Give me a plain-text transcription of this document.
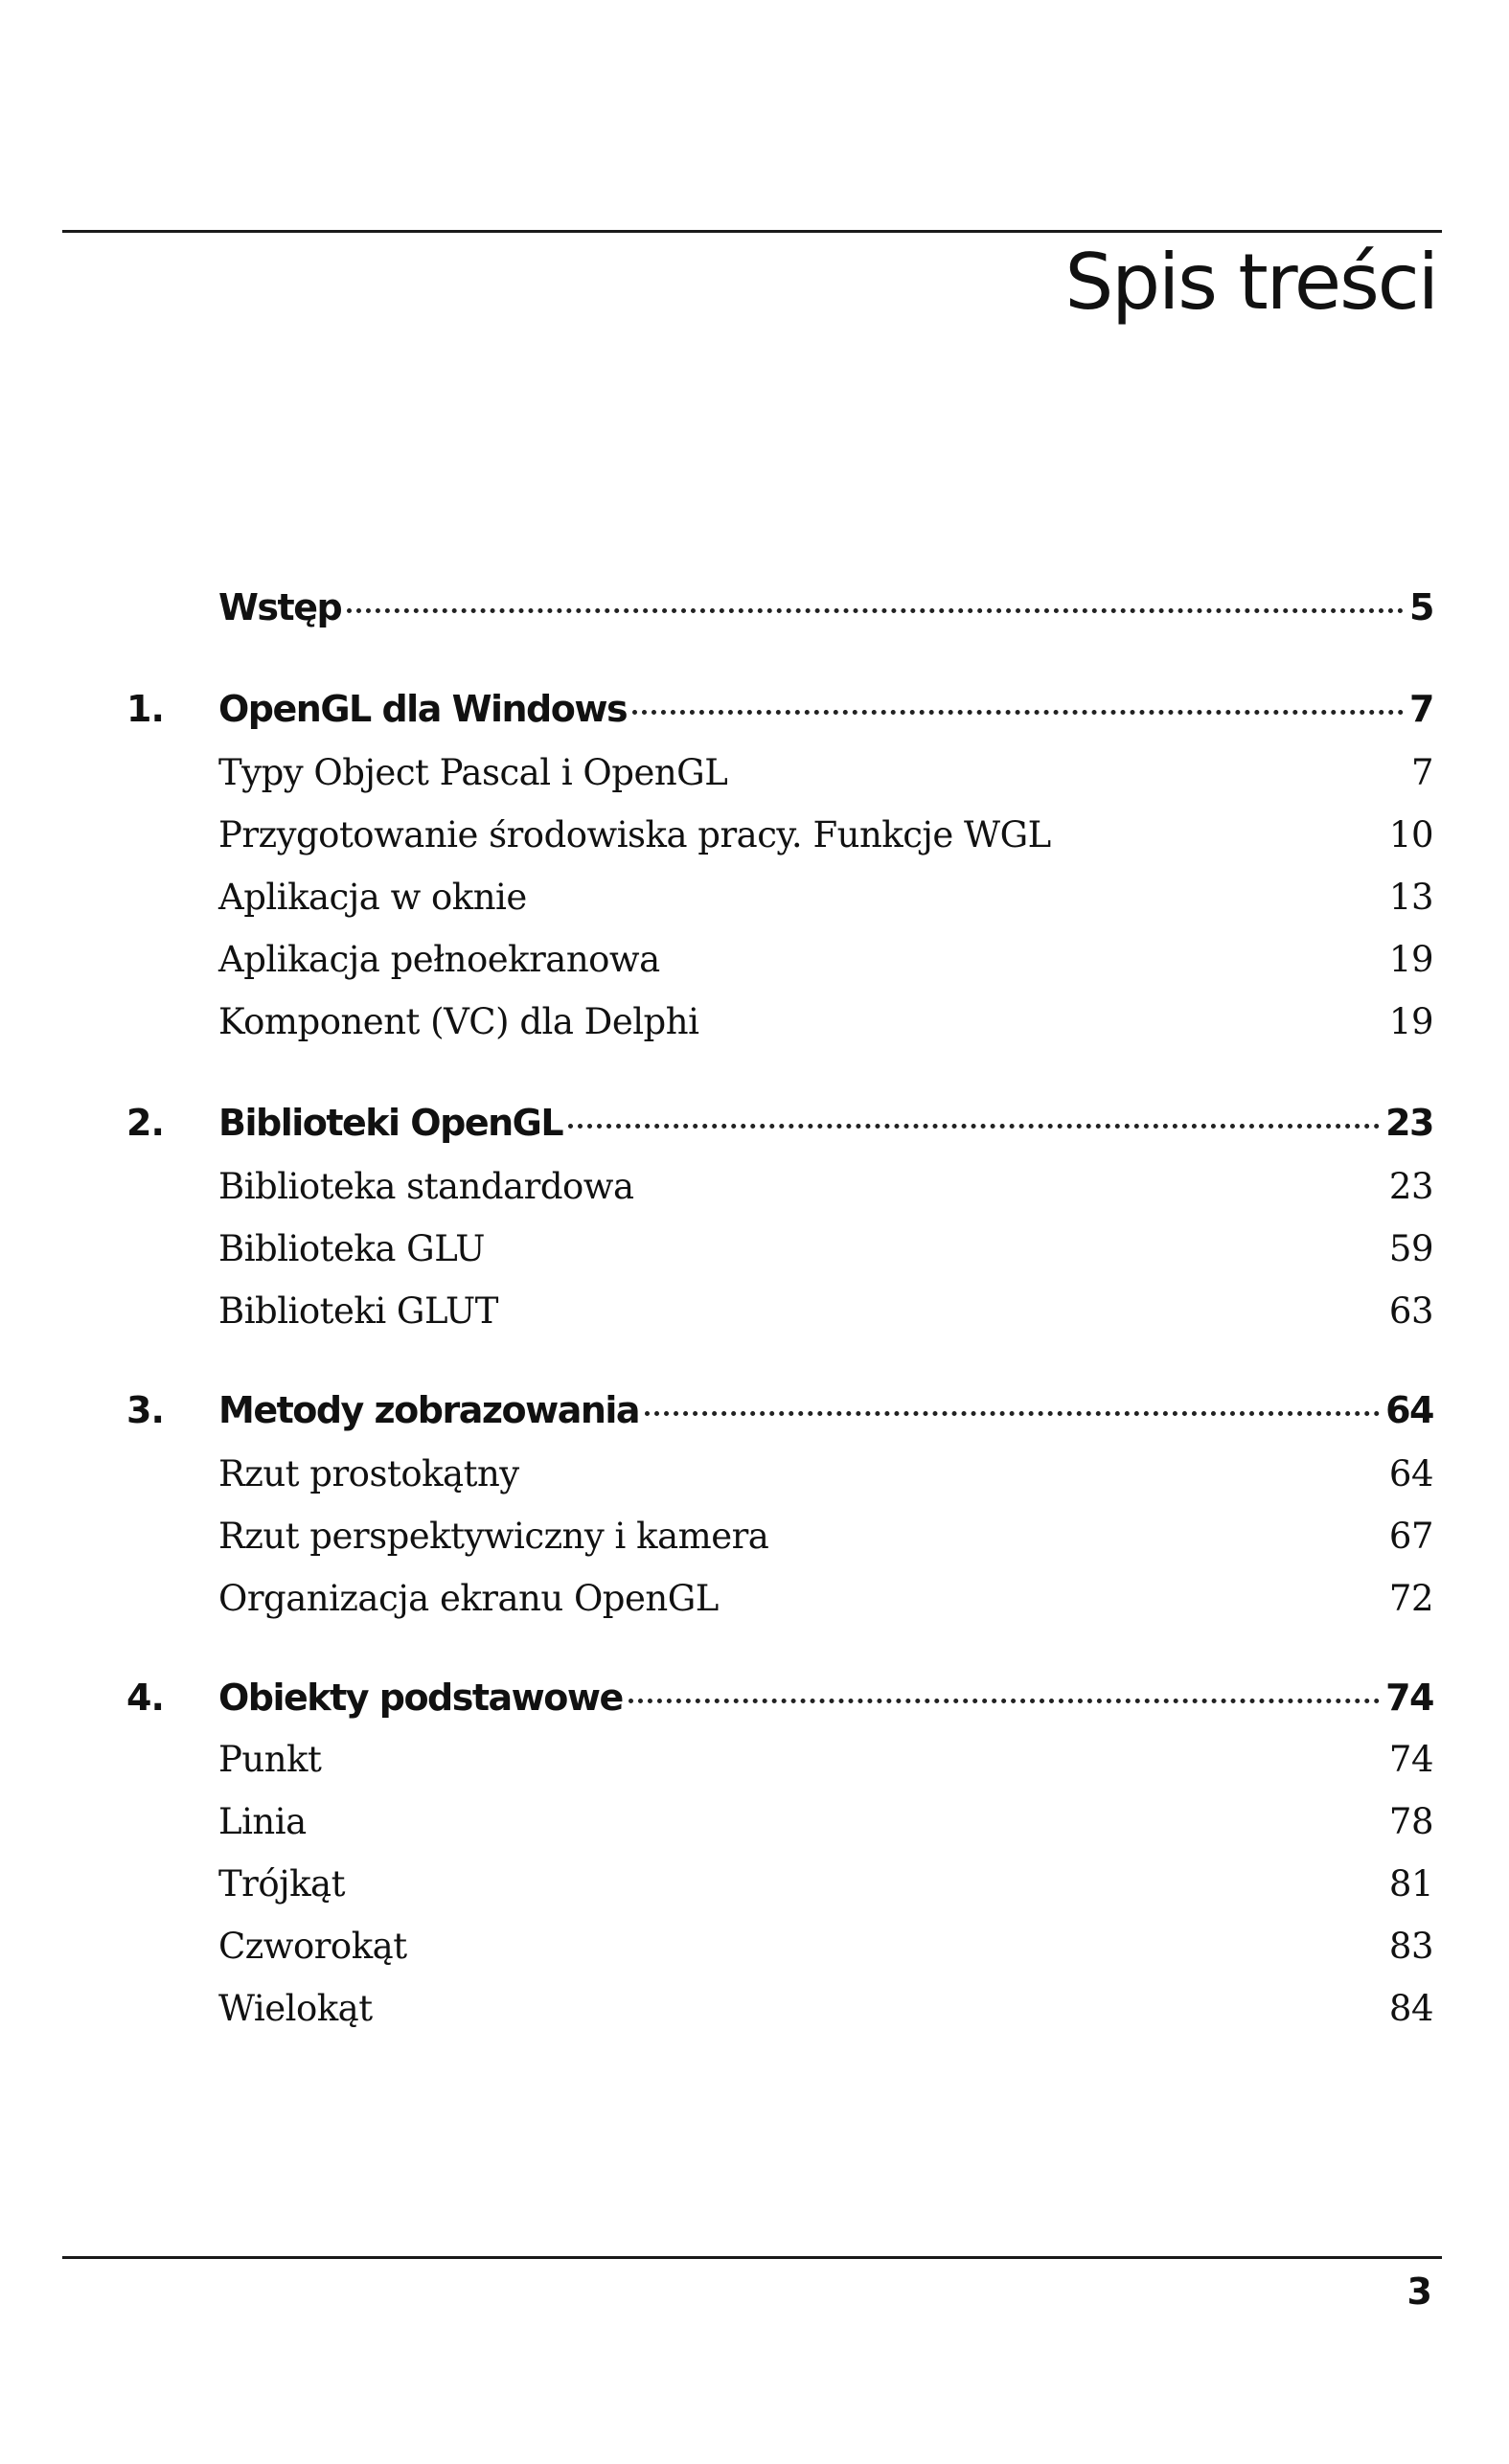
Spis treści
Wstęp	5
1. OpenGL dla Windows	7
Typy Object Pascal i OpenGL	7
Przygotowanie środowiska pracy. Funkcje WGL	10
Aplikacja w oknie	13
Aplikacja pełnoekranowa	19
Komponent (VC) dla Delphi	19
2. Biblioteki OpenGL	23
Biblioteka standardowa	23
Biblioteka GLU	59
Biblioteki GLUT	63
3. Metody zobrazowania	64
Rzut prostokątny	64
Rzut perspektywiczny i kamera	67
Organizacja ekranu OpenGL	72
4. Obiekty podstawowe	74
Punkt	74
Linia	78
Trójkąt	81
Czworokąt	83
Wielokąt	84
3
